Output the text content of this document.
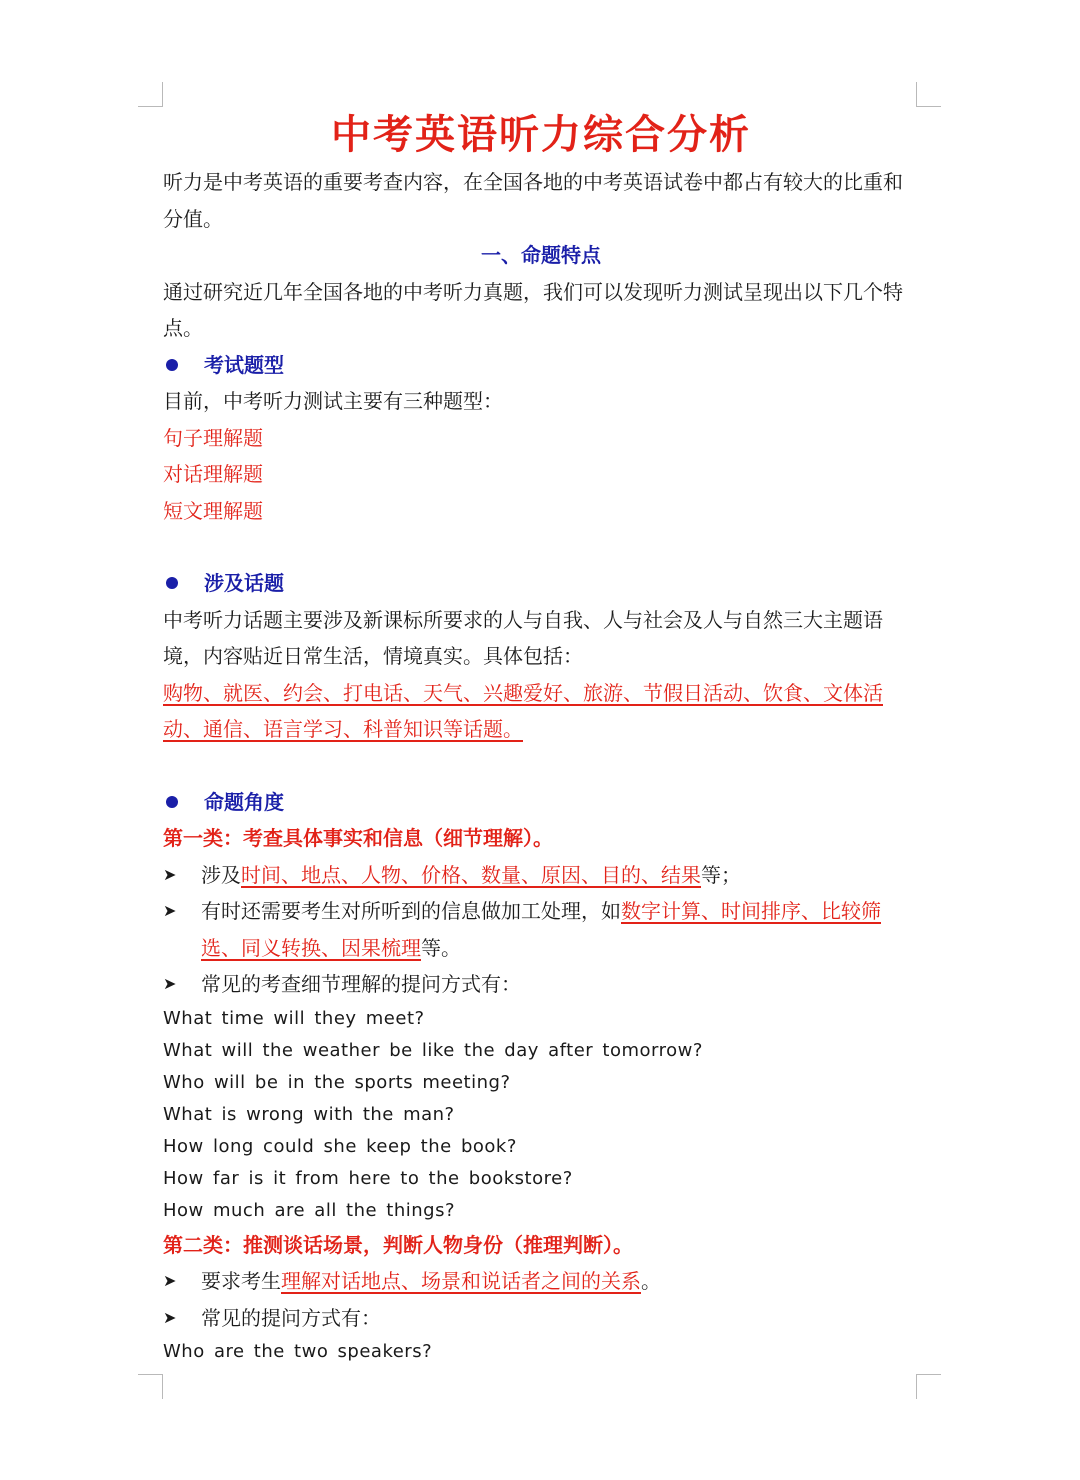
中考英语听力综合分析

听力是中考英语的重要考查内容，在全国各地的中考英语试卷中都占有较大的比重和分值。

一、命题特点

通过研究近几年全国各地的中考听力真题，我们可以发现听力测试呈现出以下几个特点。

考试题型

目前，中考听力测试主要有三种题型：

句子理解题

对话理解题

短文理解题

涉及话题

中考听力话题主要涉及新课标所要求的人与自我、人与社会及人与自然三大主题语境，内容贴近日常生活，情境真实。具体包括：

购物、就医、约会、打电话、天气、兴趣爱好、旅游、节假日活动、饮食、文体活动、通信、语言学习、科普知识等话题。

命题角度

第一类：考查具体事实和信息（细节理解）。

➤	涉及时间、地点、人物、价格、数量、原因、目的、结果等；
➤	有时还需要考生对所听到的信息做加工处理，如数字计算、时间排序、比较筛选、同义转换、因果梳理等。
➤	常见的考查细节理解的提问方式有：

What time will they meet?

What will the weather be like the day after tomorrow?

Who will be in the sports meeting?

What is wrong with the man?

How long could she keep the book?

How far is it from here to the bookstore?

How much are all the things?

第二类：推测谈话场景，判断人物身份（推理判断）。

➤	要求考生理解对话地点、场景和说话者之间的关系。
➤	常见的提问方式有：

Who are the two speakers?
